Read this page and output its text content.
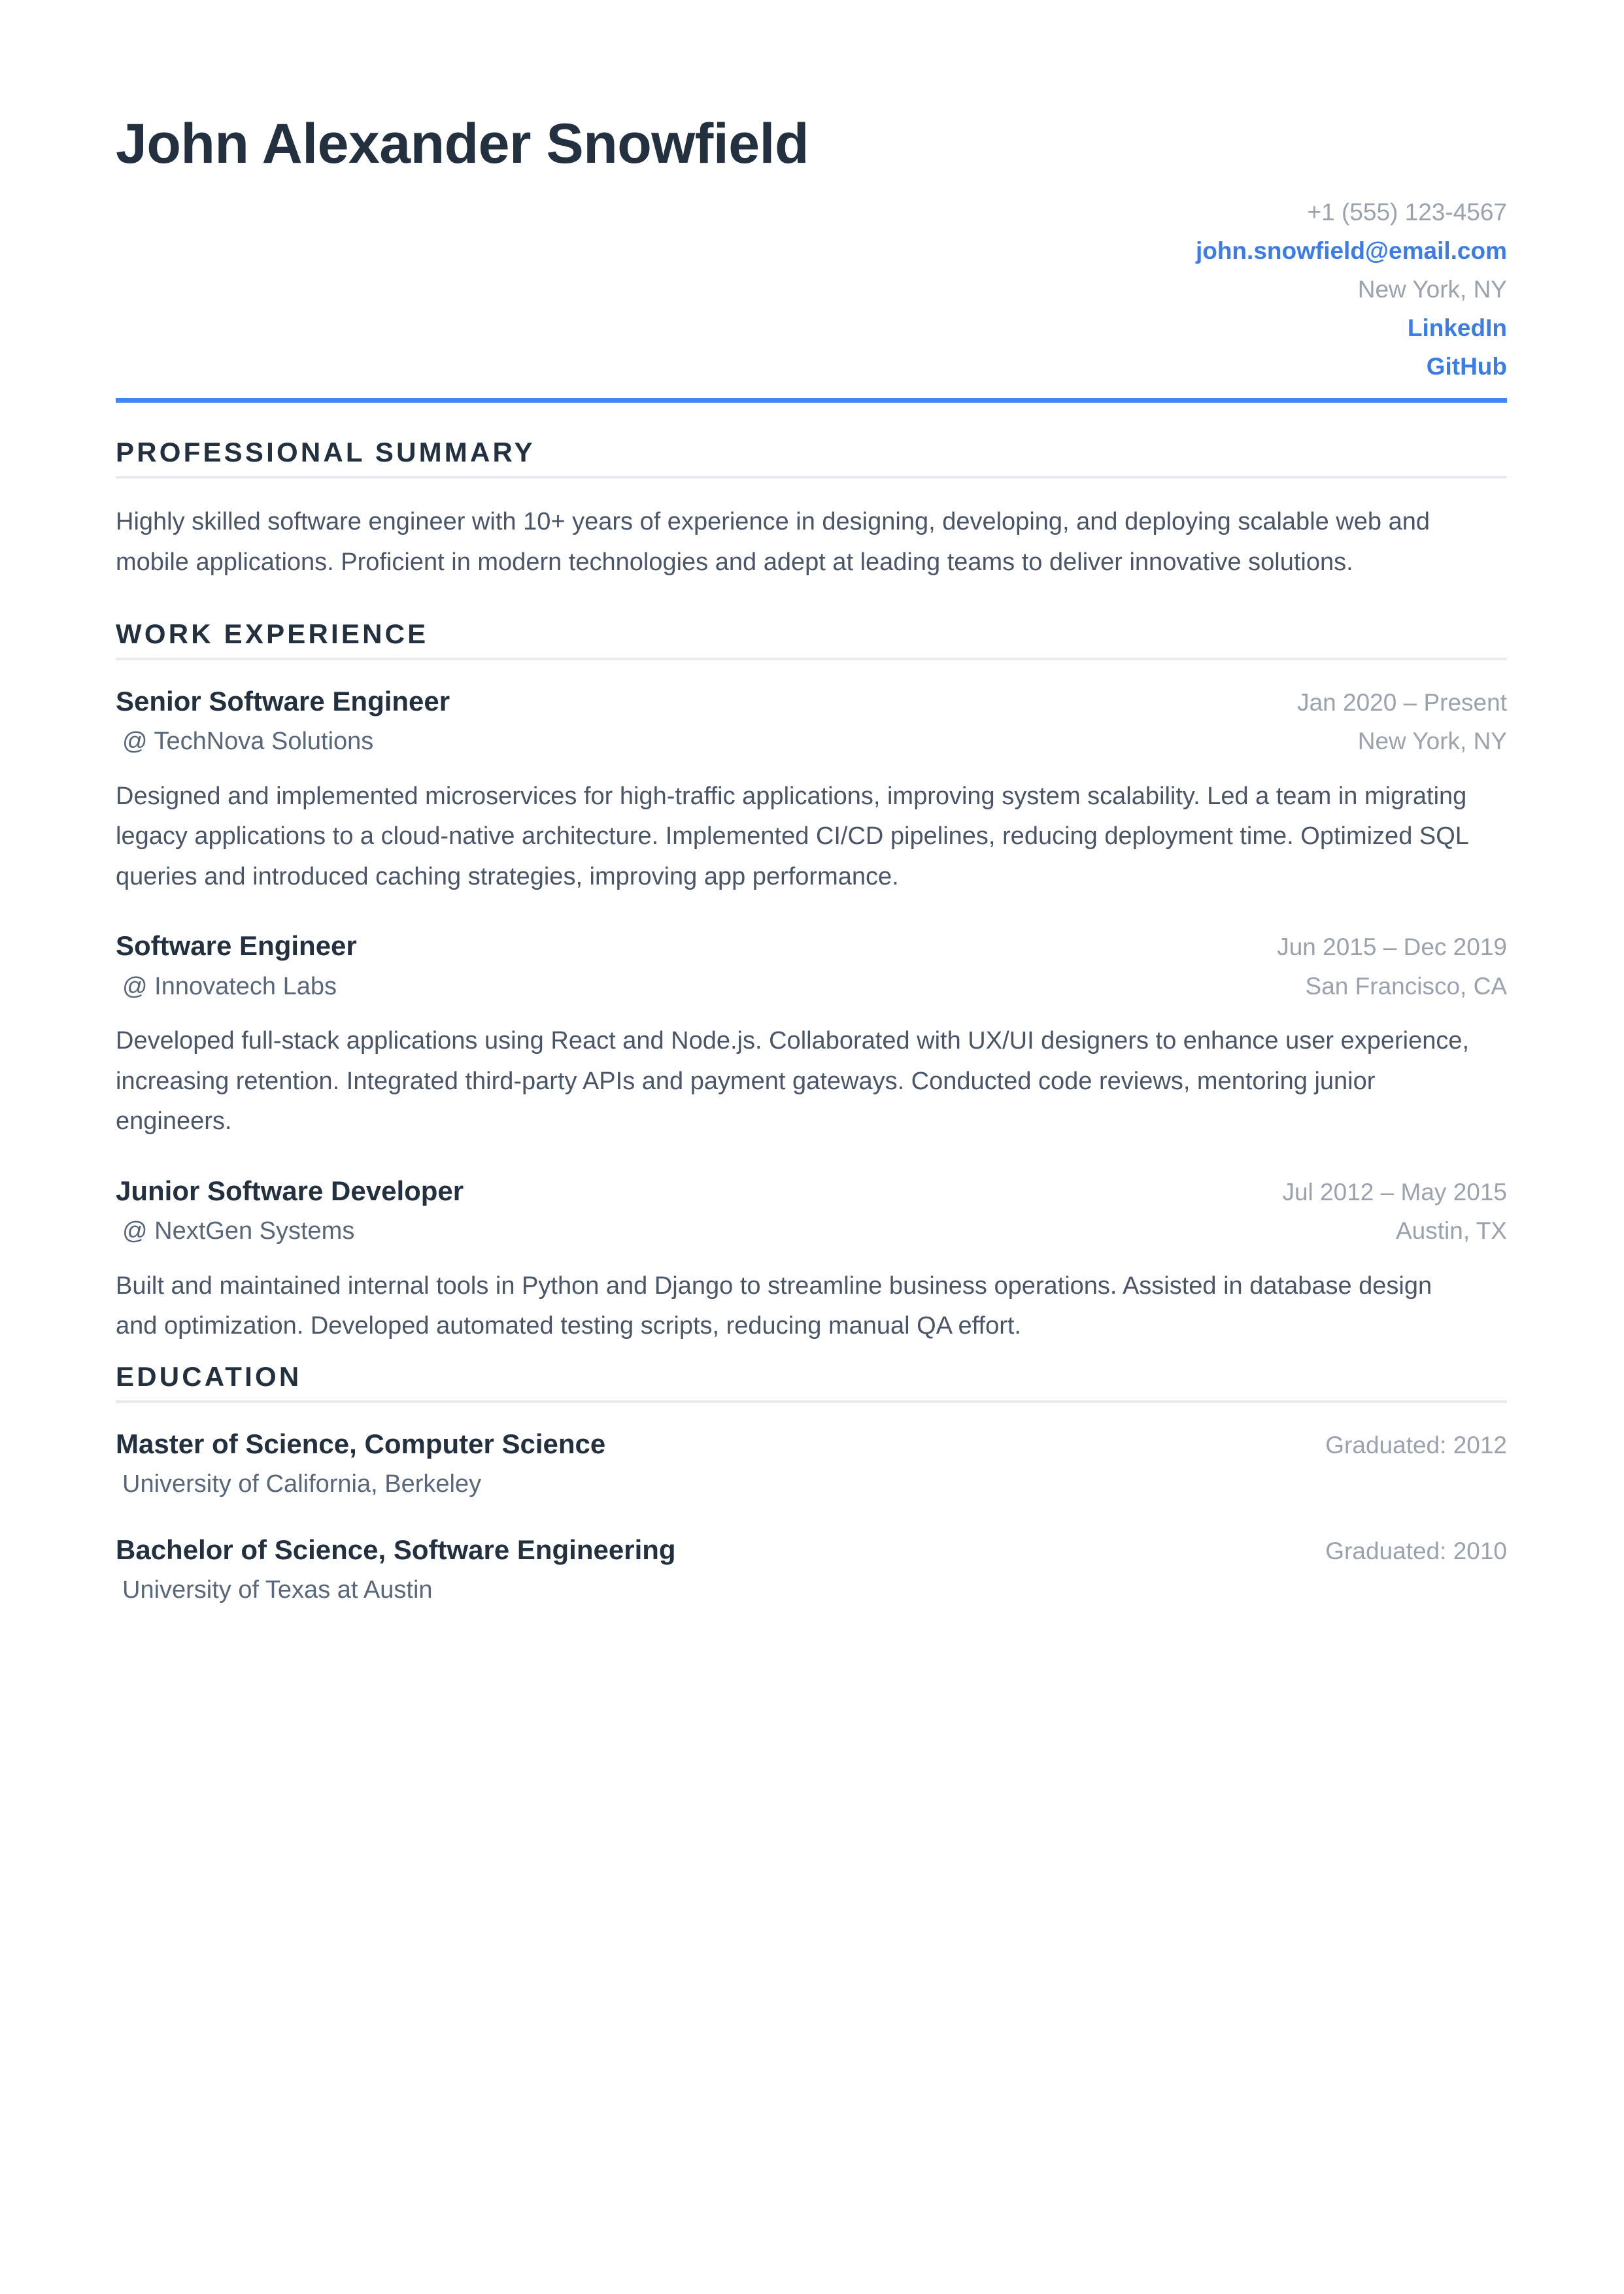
John Alexander Snowfield
+1 (555) 123-4567
john.snowfield@email.com
New York, NY
LinkedIn
GitHub
PROFESSIONAL SUMMARY

Highly skilled software engineer with 10+ years of experience in designing, developing, and deploying scalable web and mobile applications. Proficient in modern technologies and adept at leading teams to deliver innovative solutions.

WORK EXPERIENCE
Senior Software Engineer	Jan 2020 – Present
@ TechNova Solutions	New York, NY

Designed and implemented microservices for high-traffic applications, improving system scalability. Led a team in migrating legacy applications to a cloud-native architecture. Implemented CI/CD pipelines, reducing deployment time. Optimized SQL queries and introduced caching strategies, improving app performance.

Software Engineer	Jun 2015 – Dec 2019
@ Innovatech Labs	San Francisco, CA

Developed full-stack applications using React and Node.js. Collaborated with UX/UI designers to enhance user experience, increasing retention. Integrated third-party APIs and payment gateways. Conducted code reviews, mentoring junior engineers.

Junior Software Developer	Jul 2012 – May 2015
@ NextGen Systems	Austin, TX

Built and maintained internal tools in Python and Django to streamline business operations. Assisted in database design and optimization. Developed automated testing scripts, reducing manual QA effort.

EDUCATION
Master of Science, Computer Science	Graduated: 2012
University of California, Berkeley
Bachelor of Science, Software Engineering	Graduated: 2010
University of Texas at Austin
